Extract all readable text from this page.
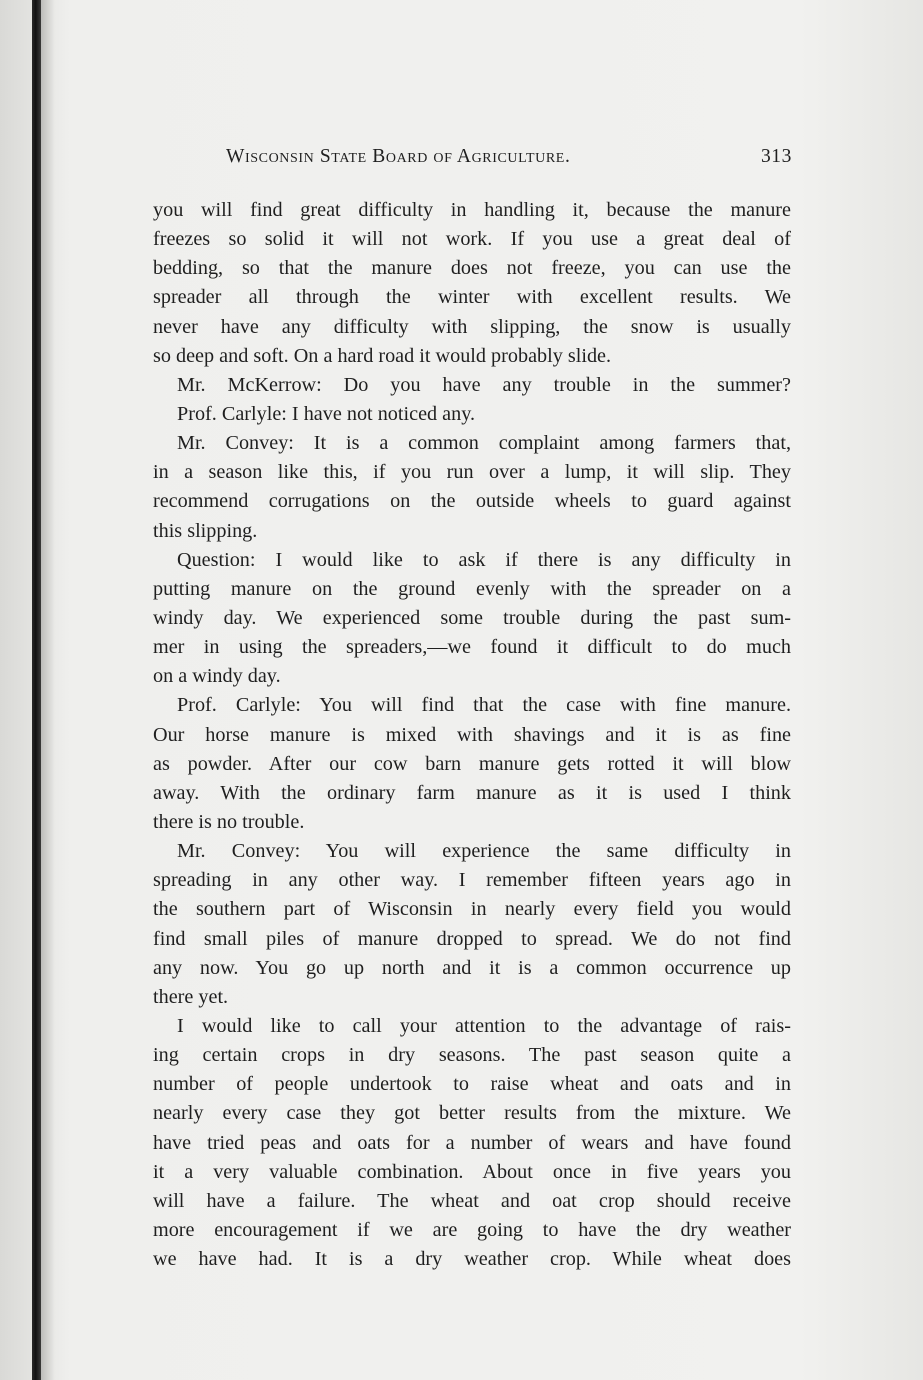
Wisconsin State Board of Agriculture.	313
you will find great difficulty in handling it, because the manure
freezes so solid it will not work. If you use a great deal of
bedding, so that the manure does not freeze, you can use the
spreader all through the winter with excellent results. We
never have any difficulty with slipping, the snow is usually
so deep and soft. On a hard road it would probably slide.
Mr. McKerrow: Do you have any trouble in the summer?
Prof. Carlyle: I have not noticed any.
Mr. Convey: It is a common complaint among farmers that,
in a season like this, if you run over a lump, it will slip. They
recommend corrugations on the outside wheels to guard against
this slipping.
Question: I would like to ask if there is any difficulty in
putting manure on the ground evenly with the spreader on a
windy day. We experienced some trouble during the past sum-
mer in using the spreaders,—we found it difficult to do much
on a windy day.
Prof. Carlyle: You will find that the case with fine manure.
Our horse manure is mixed with shavings and it is as fine
as powder. After our cow barn manure gets rotted it will blow
away. With the ordinary farm manure as it is used I think
there is no trouble.
Mr. Convey: You will experience the same difficulty in
spreading in any other way. I remember fifteen years ago in
the southern part of Wisconsin in nearly every field you would
find small piles of manure dropped to spread. We do not find
any now. You go up north and it is a common occurrence up
there yet.
I would like to call your attention to the advantage of rais-
ing certain crops in dry seasons. The past season quite a
number of people undertook to raise wheat and oats and in
nearly every case they got better results from the mixture. We
have tried peas and oats for a number of wears and have found
it a very valuable combination. About once in five years you
will have a failure. The wheat and oat crop should receive
more encouragement if we are going to have the dry weather
we have had. It is a dry weather crop. While wheat does
